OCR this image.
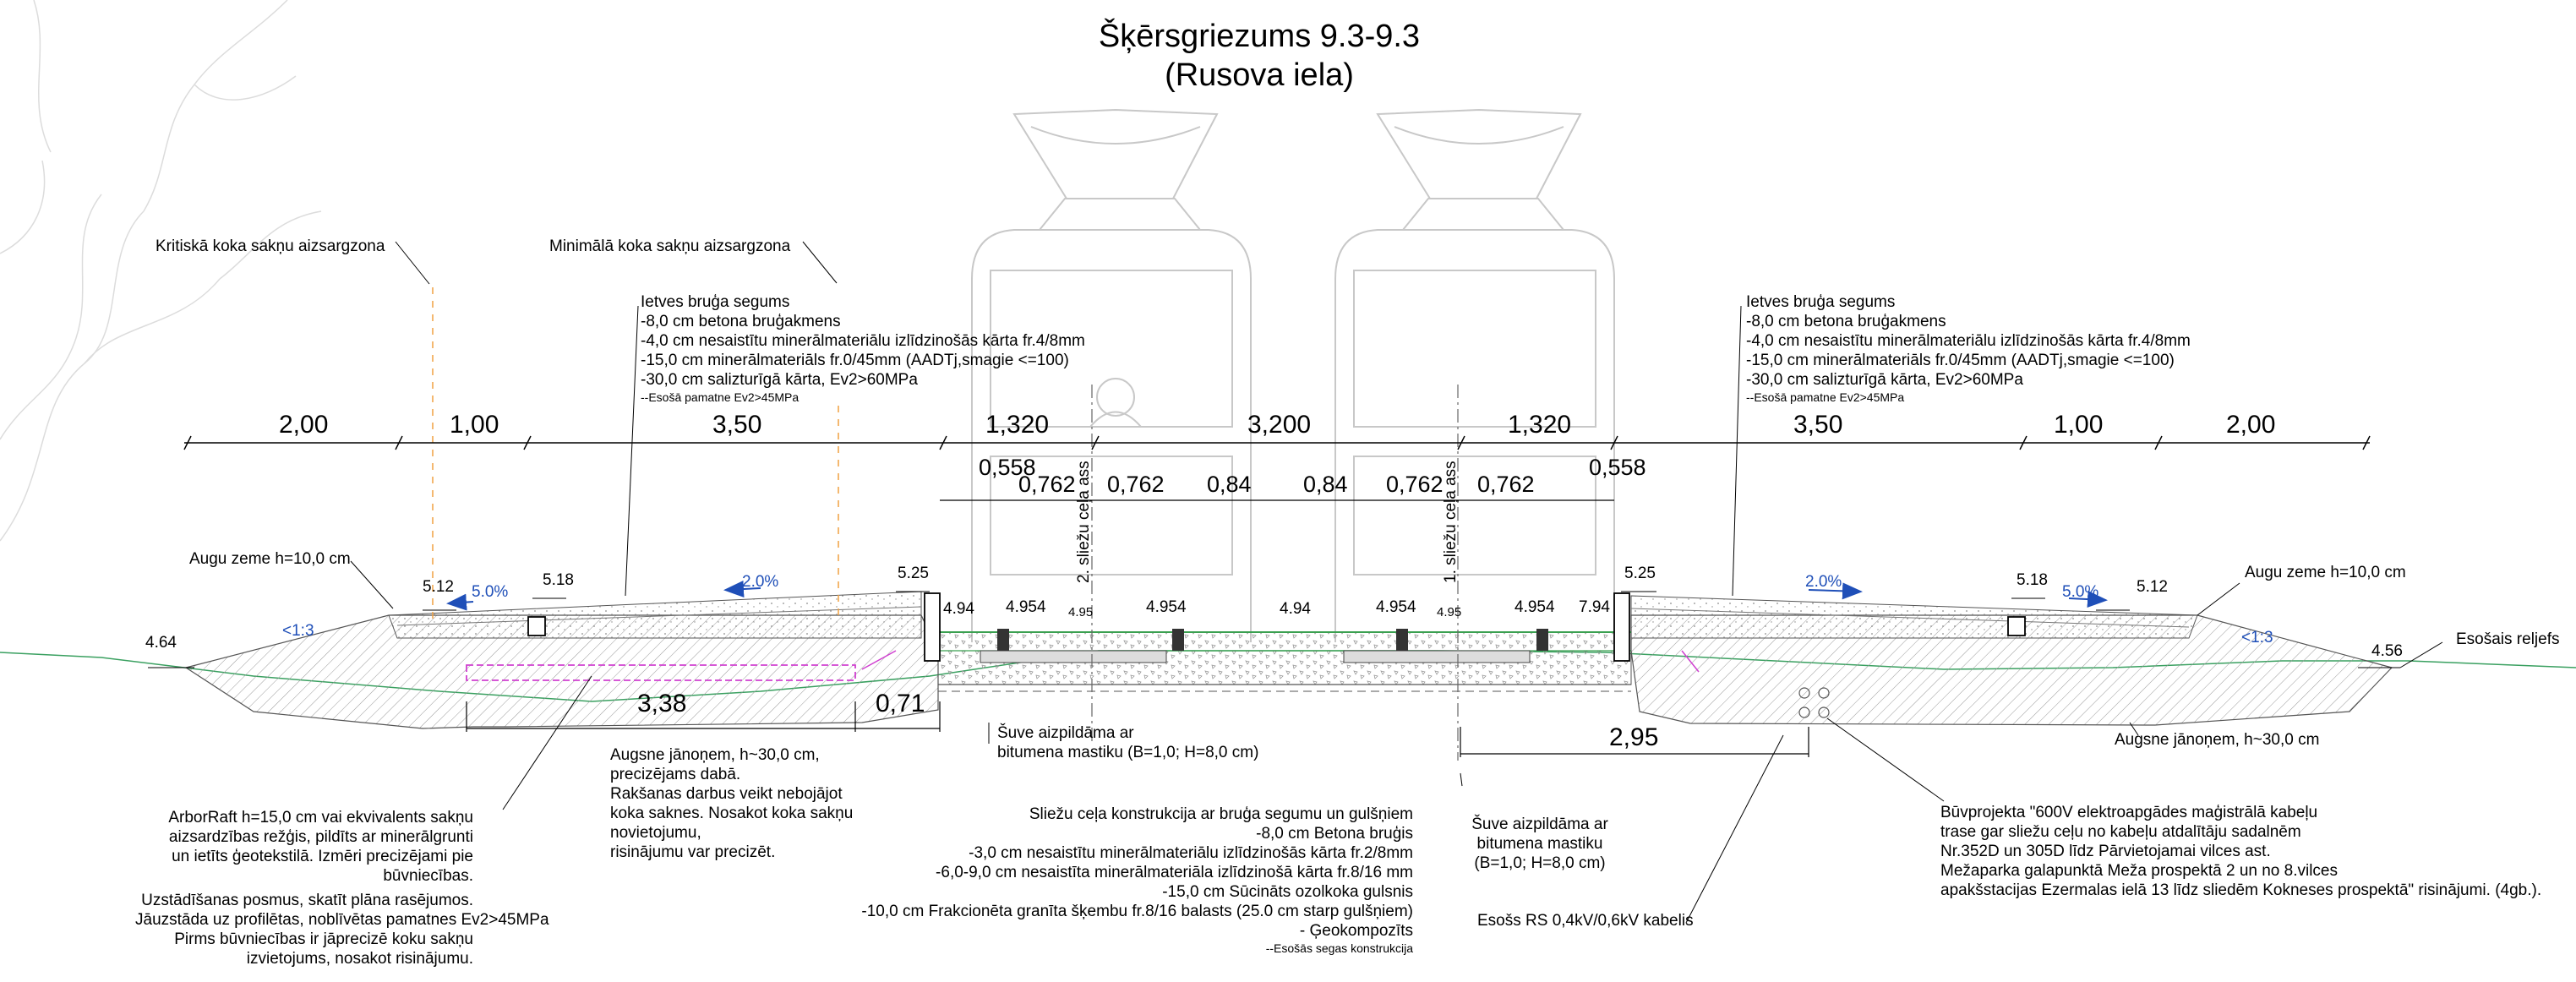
Šķērsgriezums 9.3-9.3
(Rusova iela)
Kritiskā koka sakņu aizsargzona	Minimālā koka sakņu aizsargzona
Ietves bruģa segums
-8,0 cm betona bruģakmens
-4,0 cm nesaistītu minerālmateriālu izlīdzinošās kārta fr.4/8mm
-15,0 cm minerālmateriāls fr.0/45mm (AADTj,smagie <=100)
-30,0 cm salizturīgā kārta, Ev2>60MPa
--Esošā pamatne Ev2>45MPa
Ietves bruģa segums
-8,0 cm betona bruģakmens
-4,0 cm nesaistītu minerālmateriālu izlīdzinošās kārta fr.4/8mm
-15,0 cm minerālmateriāls fr.0/45mm (AADTj,smagie <=100)
-30,0 cm salizturīgā kārta, Ev2>60MPa
--Esošā pamatne Ev2>45MPa
2,00	1,00	3,50	1,320	3,200	1,320	3,50	1,00	2,00
0,558
0,762 0,762 0,84 0,84 0,762 0,762
0,558
2. sliežu ceļa ass	1. sliežu ceļa ass
Augu zeme h=10,0 cm
Augu zeme h=10,0 cm
Esošais reljefs
4.64
5.12	5.18	5.25
4.94 4.954 4.95	4.954	4.94	4.954 4.95	4.954 7.94
5.25	5.18	5.12
4.56
5.0%
2.0%	2.0%
5.0%
<1:3	<1:3
3,38	0,71
2,95
Šuve aizpildāma ar
bitumena mastiku (B=1,0; H=8,0 cm)
Augsne jānoņem, h~30,0 cm,
precizējams dabā.
Rakšanas darbus veikt nebojājot
koka saknes. Nosakot koka sakņu
novietojumu,
risinājumu var precizēt.
Augsne jānoņem, h~30,0 cm
ArborRaft h=15,0 cm vai ekvivalents sakņu
aizsardzības režģis, pildīts ar minerālgrunti
un ietīts ģeotekstilā. Izmēri precizējami pie
būvniecības.
Uzstādīšanas posmus, skatīt plāna rasējumos.
Jāuzstāda uz profilētas, noblīvētas pamatnes Ev2>45MPa
Pirms būvniecības ir jāprecizē koku sakņu
izvietojums, nosakot risinājumu.
Sliežu ceļa konstrukcija ar bruģa segumu un gulšņiem
-8,0 cm Betona bruģis
-3,0 cm nesaistītu minerālmateriālu izlīdzinošās kārta fr.2/8mm
-6,0-9,0 cm nesaistīta minerālmateriāla izlīdzinošā kārta fr.8/16 mm
-15,0 cm Sūcināts ozolkoka gulsnis
-10,0 cm Frakcionēta granīta šķembu fr.8/16 balasts (25.0 cm starp gulšņiem)
- Ģeokompozīts
--Esošās segas konstrukcija
Šuve aizpildāma ar
bitumena mastiku
(B=1,0; H=8,0 cm)
Esošs RS 0,4kV/0,6kV kabelis
Būvprojekta "600V elektroapgādes maģistrālā kabeļu
trase gar sliežu ceļu no kabeļu atdalītāju sadalnēm
Nr.352D un 305D līdz Pārvietojamai vilces ast.
Mežaparka galapunktā Meža prospektā 2 un no 8.vilces
apakšstacijas Ezermalas ielā 13 līdz sliedēm Kokneses prospektā" risinājumi. (4gb.).
